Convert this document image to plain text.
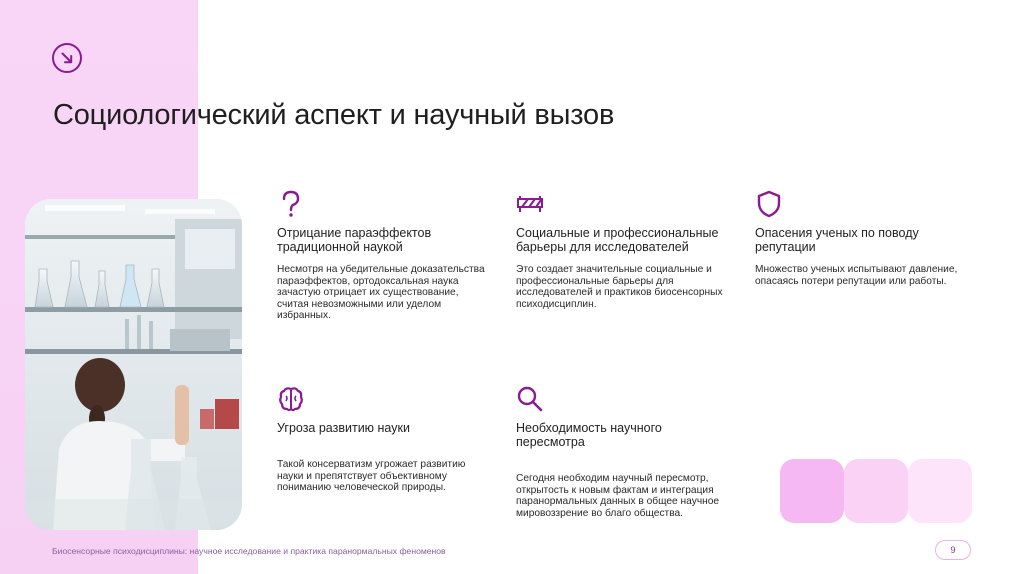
Социологический аспект и научный вызов
Отрицание параэффектов традиционной наукой

Несмотря на убедительные доказательства параэффектов, ортодоксальная наука зачастую отрицает их существование, считая невозможными или уделом избранных.

Социальные и профессиональные барьеры для исследователей

Это создает значительные социальные и профессиональные барьеры для исследователей и практиков биосенсорных психодисциплин.

Опасения ученых по поводу репутации

Множество ученых испытывают давление, опасаясь потери репутации или работы.

Угроза развитию науки

Такой консерватизм угрожает развитию науки и препятствует объективному пониманию человеческой природы.

Необходимость научного пересмотра

Сегодня необходим научный пересмотр, открытость к новым фактам и интеграция паранормальных данных в общее научное мировоззрение во благо общества.

Биосенсорные психодисциплины: научное исследование и практика паранормальных феноменов	9
